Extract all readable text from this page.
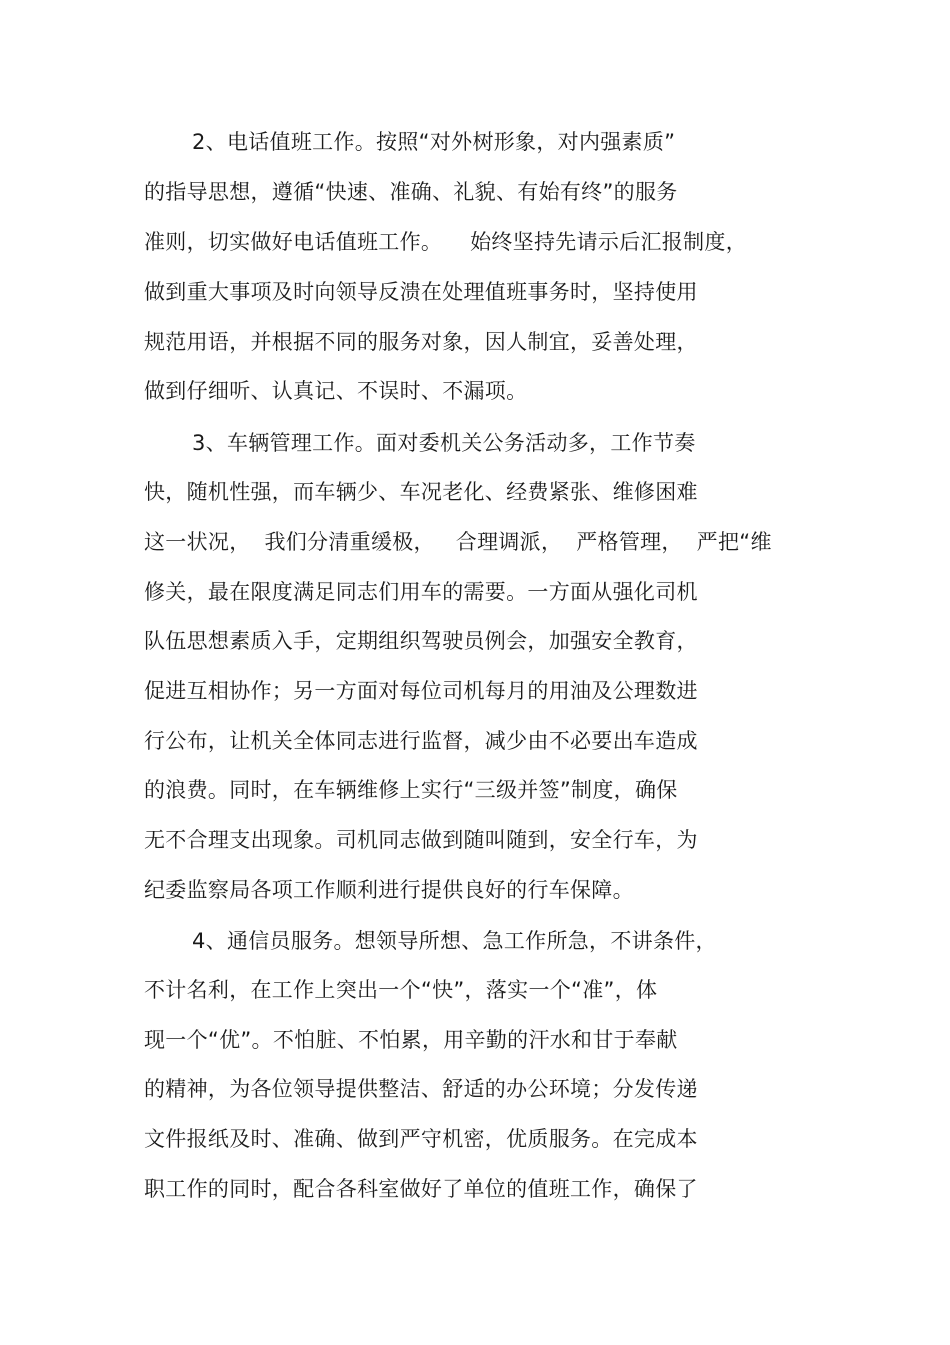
2、电话值班工作。按照“对外树形象，对内强素质”

的指导思想，遵循“快速、准确、礼貌、有始有终”的服务

准则，切实做好电话值班工作。    始终坚持先请示后汇报制度，

做到重大事项及时向领导反溃在处理值班事务时，坚持使用

规范用语，并根据不同的服务对象，因人制宜，妥善处理，

做到仔细听、认真记、不误时、不漏项。

3、车辆管理工作。面对委机关公务活动多，工作节奏

快，随机性强，而车辆少、车况老化、经费紧张、维修困难

这一状况，  我们分清重缓极，   合理调派，  严格管理，  严把“维

修关，最在限度满足同志们用车的需要。一方面从强化司机

队伍思想素质入手，定期组织驾驶员例会，加强安全教育，

促进互相协作；另一方面对每位司机每月的用油及公理数进

行公布，让机关全体同志进行监督，减少由不必要出车造成

的浪费。同时，在车辆维修上实行“三级并签”制度，确保

无不合理支出现象。司机同志做到随叫随到，安全行车，为

纪委监察局各项工作顺利进行提供良好的行车保障。

4、通信员服务。想领导所想、急工作所急，不讲条件，

不计名利，在工作上突出一个“快”，落实一个“准”，体

现一个“优”。不怕脏、不怕累，用辛勤的汗水和甘于奉献

的精神，为各位领导提供整洁、舒适的办公环境；分发传递

文件报纸及时、准确、做到严守机密，优质服务。在完成本

职工作的同时，配合各科室做好了单位的值班工作，确保了
